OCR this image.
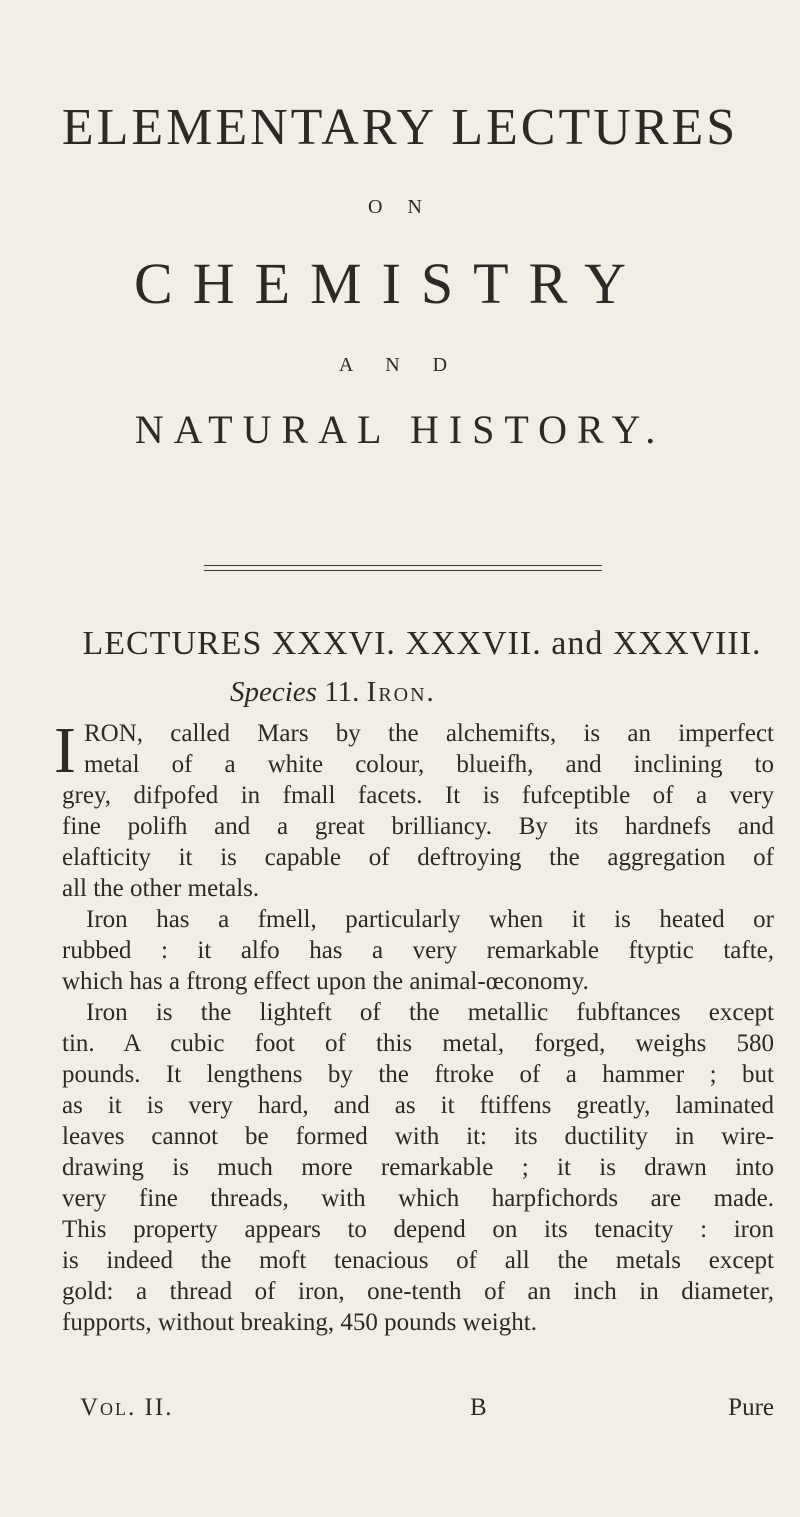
ELEMENTARY LECTURES
O N
CHEMISTRY
A N D
NATURAL HISTORY.
LECTURES XXXVI. XXXVII. and XXXVIII.
Species 11. Iron.
I RON, called Mars by the alchemifts, is an imperfect
metal of a white colour, blueifh, and inclining to
grey, difpofed in fmall facets. It is fufceptible of a very
fine polifh and a great brilliancy. By its hardnefs and
elafticity it is capable of deftroying the aggregation of
all the other metals.
Iron has a fmell, particularly when it is heated or
rubbed : it alfo has a very remarkable ftyptic tafte,
which has a ftrong effect upon the animal-œconomy.
Iron is the lighteft of the metallic fubftances except
tin. A cubic foot of this metal, forged, weighs 580
pounds. It lengthens by the ftroke of a hammer ; but
as it is very hard, and as it ftiffens greatly, laminated
leaves cannot be formed with it: its ductility in wire-
drawing is much more remarkable ; it is drawn into
very fine threads, with which harpfichords are made.
This property appears to depend on its tenacity : iron
is indeed the moft tenacious of all the metals except
gold: a thread of iron, one-tenth of an inch in diameter,
fupports, without breaking, 450 pounds weight.
Vol. II.	B	Pure
